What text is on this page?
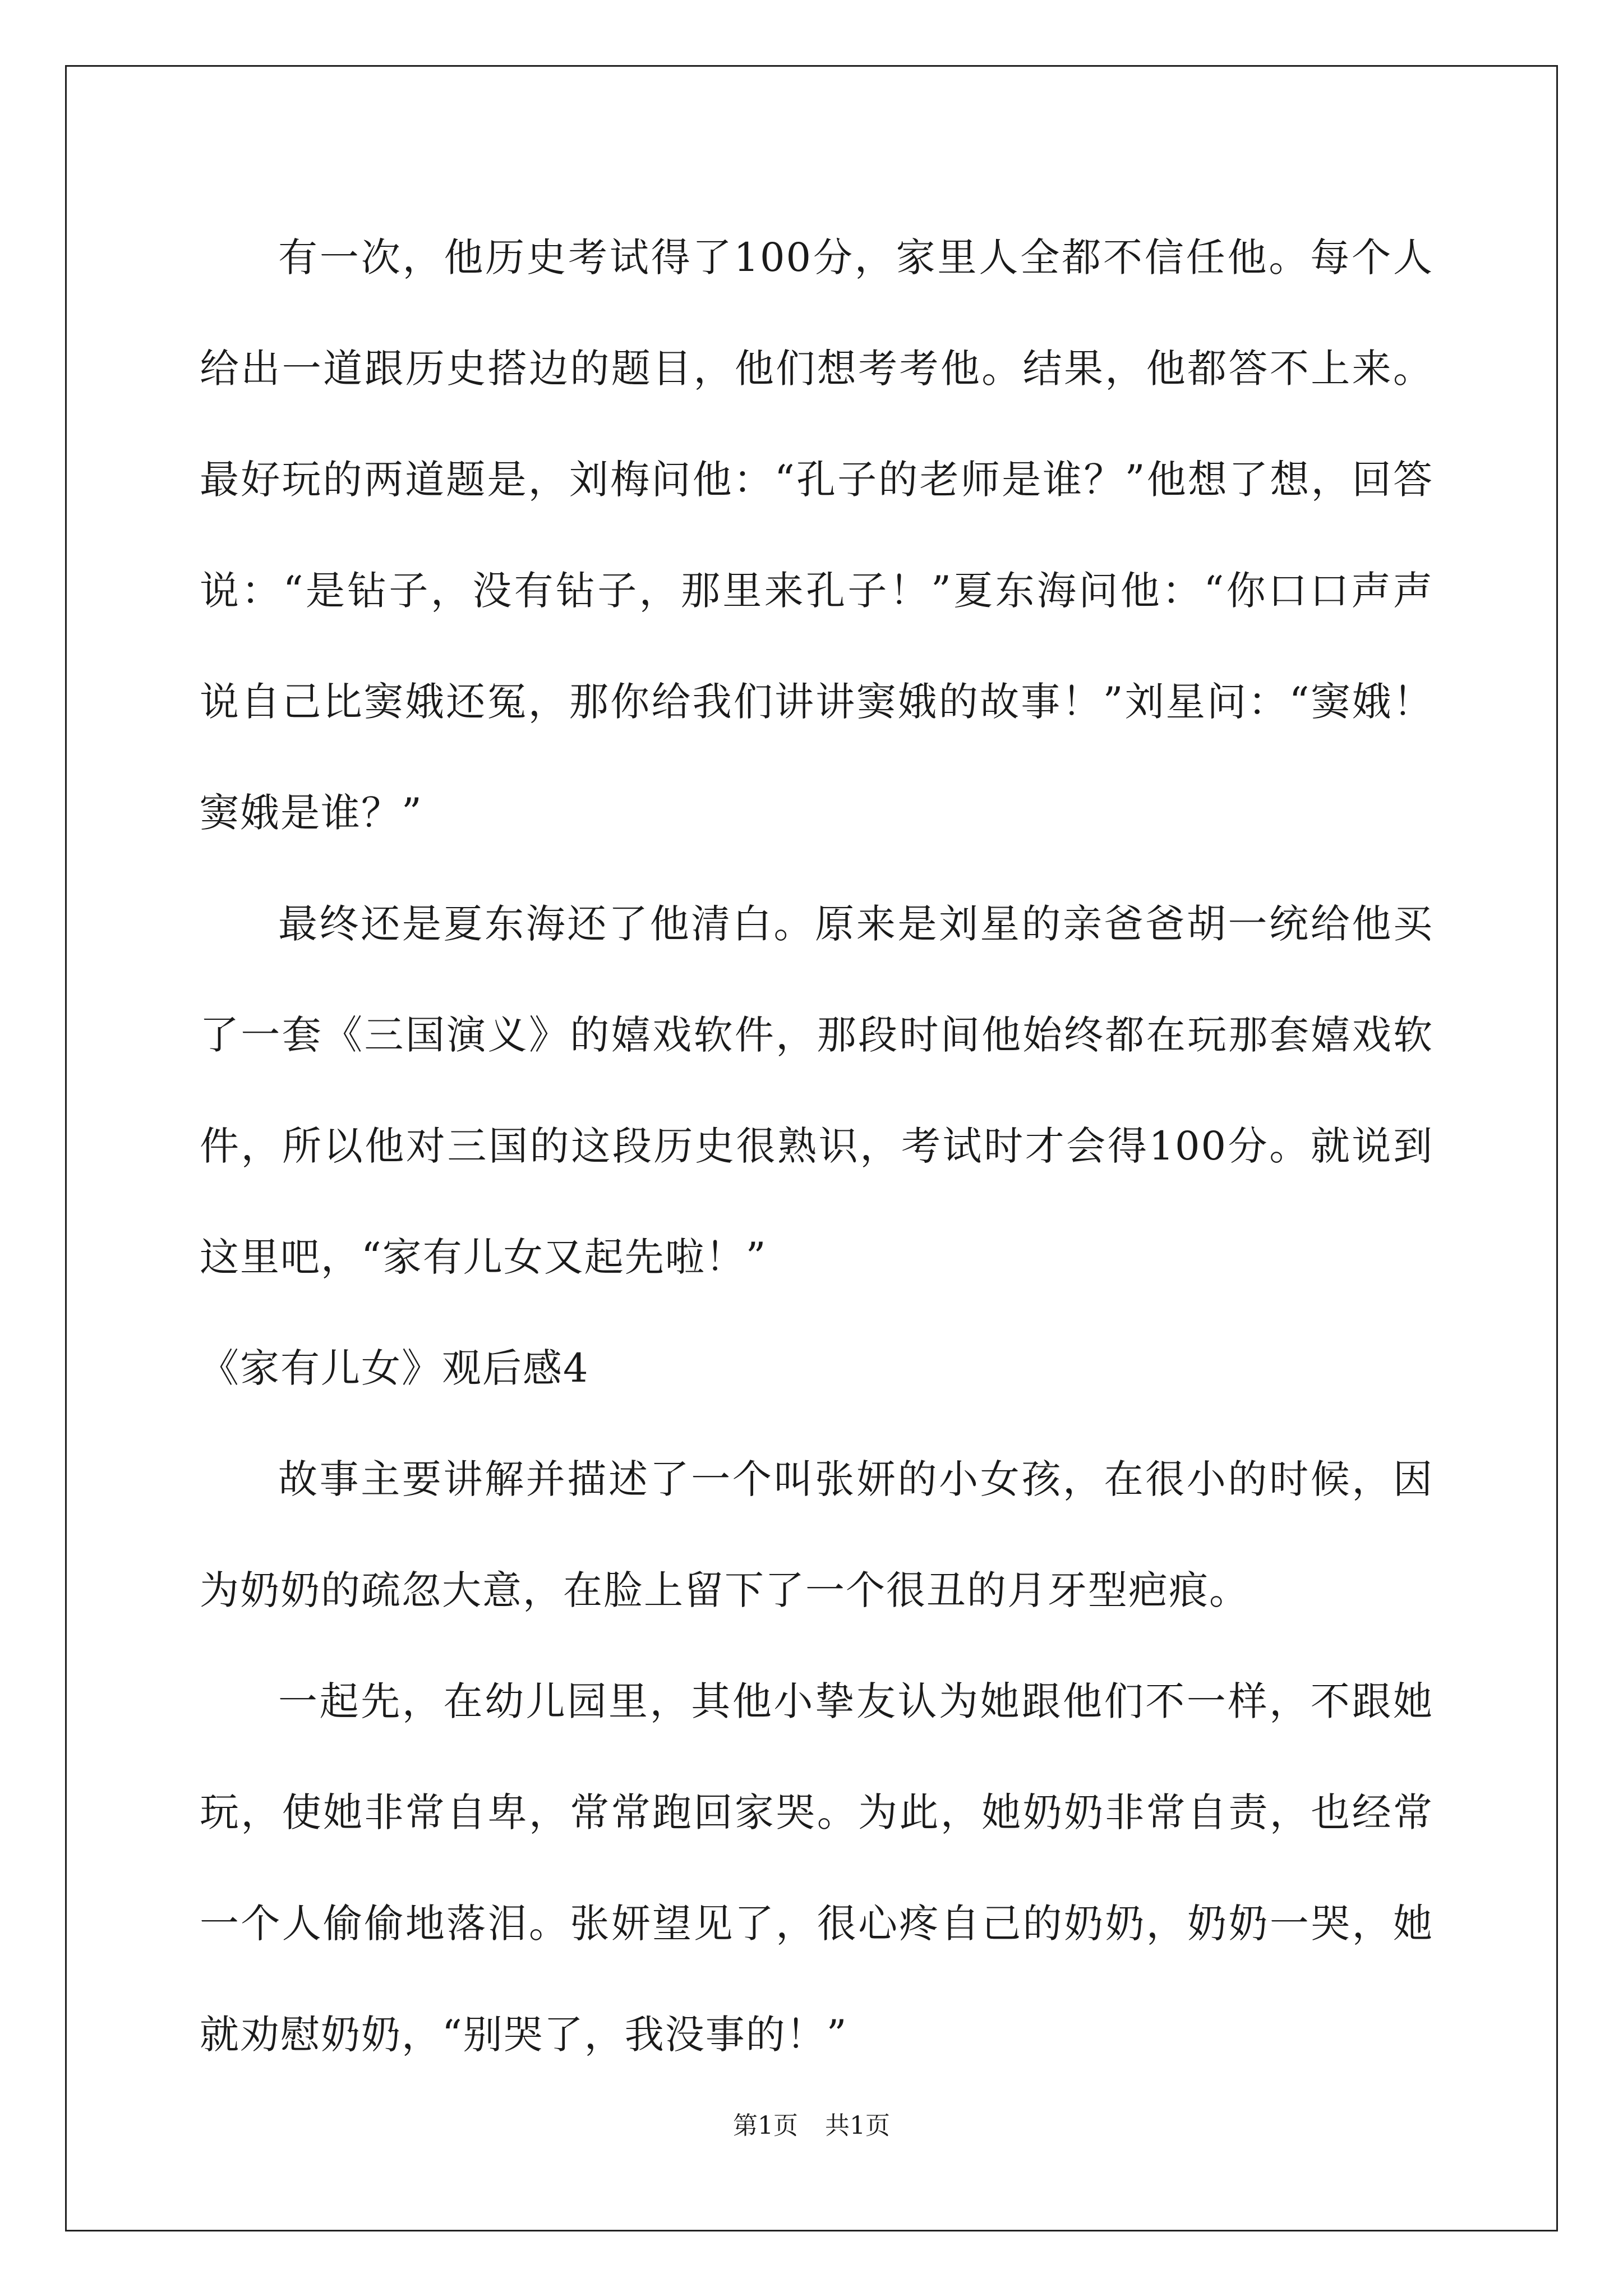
有一次，他历史考试得了100分，家里人全都不信任他。每个人给出一道跟历史搭边的题目，他们想考考他。结果，他都答不上来。最好玩的两道题是，刘梅问他：“孔子的老师是谁？”他想了想，回答说：“是钻子，没有钻子，那里来孔子！”夏东海问他：“你口口声声说自己比窦娥还冤，那你给我们讲讲窦娥的故事！”刘星问：“窦娥！窦娥是谁？”

最终还是夏东海还了他清白。原来是刘星的亲爸爸胡一统给他买了一套《三国演义》的嬉戏软件，那段时间他始终都在玩那套嬉戏软件，所以他对三国的这段历史很熟识，考试时才会得100分。就说到这里吧，“家有儿女又起先啦！”

《家有儿女》观后感4

故事主要讲解并描述了一个叫张妍的小女孩，在很小的时候，因为奶奶的疏忽大意，在脸上留下了一个很丑的月牙型疤痕。

一起先，在幼儿园里，其他小挚友认为她跟他们不一样，不跟她玩，使她非常自卑，常常跑回家哭。为此，她奶奶非常自责，也经常一个人偷偷地落泪。张妍望见了，很心疼自己的奶奶，奶奶一哭，她就劝慰奶奶，“别哭了，我没事的！”

第1页 共1页
